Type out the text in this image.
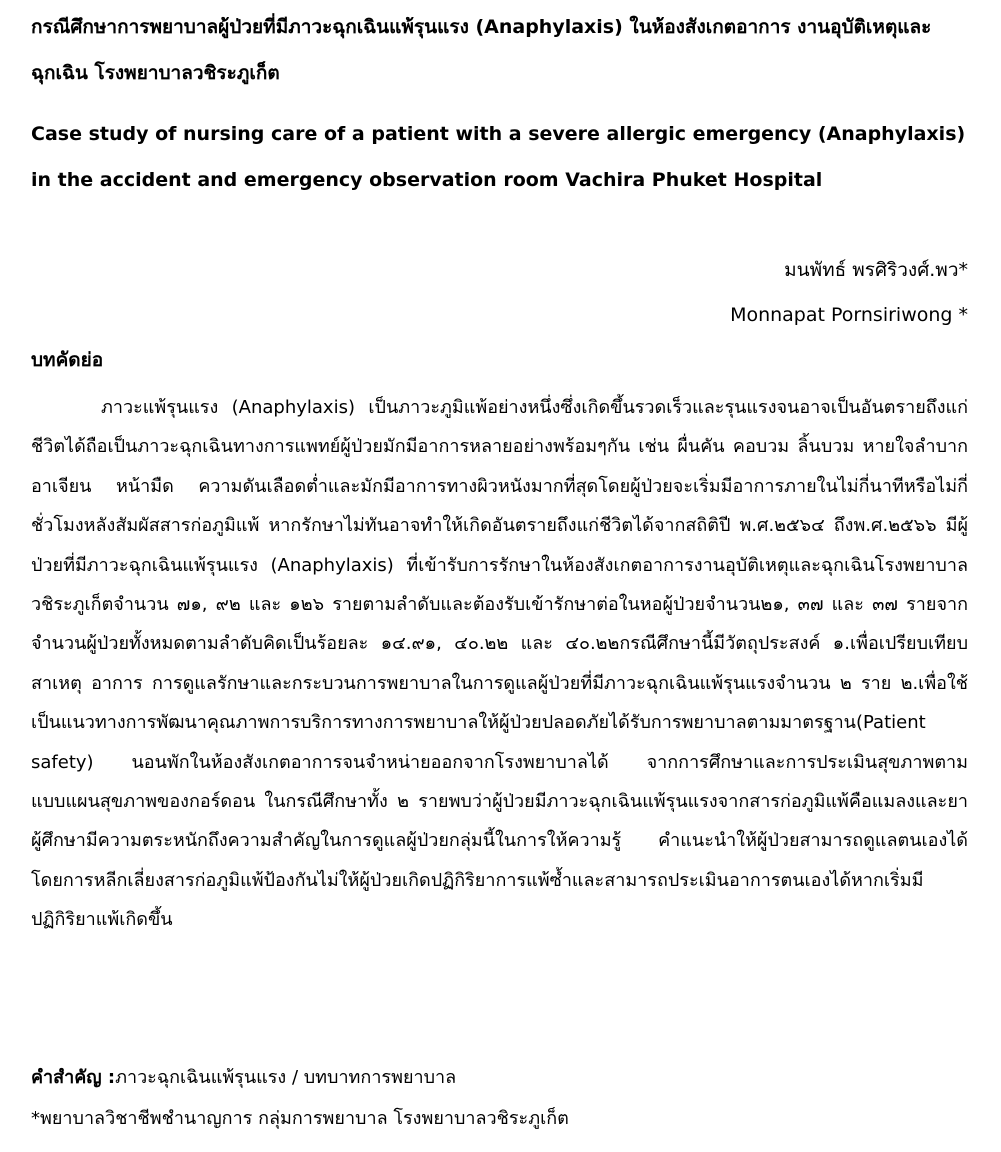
กรณีศึกษาการพยาบาลผู้ป่วยที่มีภาวะฉุกเฉินแพ้รุนแรง (Anaphylaxis) ในห้องสังเกตอาการ งานอุบัติเหตุและฉุกเฉิน โรงพยาบาลวชิระภูเก็ต
Case study of nursing care of a patient with a severe allergic emergency (Anaphylaxis) in the accident and emergency observation room Vachira Phuket Hospital
มนพัทธ์ พรศิริวงศ์.พว*
Monnapat Pornsiriwong *
บทคัดย่อ

ภาวะแพ้รุนแรง (Anaphylaxis) เป็นภาวะภูมิแพ้อย่างหนึ่งซึ่งเกิดขึ้นรวดเร็วและรุนแรงจนอาจเป็นอันตรายถึงแก่ชีวิตได้ถือเป็นภาวะฉุกเฉินทางการแพทย์ผู้ป่วยมักมีอาการหลายอย่างพร้อมๆกัน เช่น ผื่นคัน คอบวม ลิ้นบวม หายใจลำบาก อาเจียน หน้ามืด ความดันเลือดต่ำและมักมีอาการทางผิวหนังมากที่สุดโดยผู้ป่วยจะเริ่มมีอาการภายในไม่กี่นาทีหรือไม่กี่ชั่วโมงหลังสัมผัสสารก่อภูมิแพ้ หากรักษาไม่ทันอาจทำให้เกิดอันตรายถึงแก่ชีวิตได้จากสถิติปี พ.ศ.๒๕๖๔ ถึงพ.ศ.๒๕๖๖ มีผู้ป่วยที่มีภาวะฉุกเฉินแพ้รุนแรง (Anaphylaxis) ที่เข้ารับการรักษาในห้องสังเกตอาการงานอุบัติเหตุและฉุกเฉินโรงพยาบาลวชิระภูเก็ตจำนวน ๗๑, ๙๒ และ ๑๒๖ รายตามลำดับและต้องรับเข้ารักษาต่อในหอผู้ป่วยจำนวน๒๑, ๓๗ และ ๓๗ รายจากจำนวนผู้ป่วยทั้งหมดตามลำดับคิดเป็นร้อยละ ๑๔.๙๑, ๔๐.๒๒ และ ๔๐.๒๒กรณีศึกษานี้มีวัตถุประสงค์ ๑.เพื่อเปรียบเทียบ สาเหตุ อาการ การดูแลรักษาและกระบวนการพยาบาลในการดูแลผู้ป่วยที่มีภาวะฉุกเฉินแพ้รุนแรงจำนวน ๒ ราย ๒.เพื่อใช้เป็นแนวทางการพัฒนาคุณภาพการบริการทางการพยาบาลให้ผู้ป่วยปลอดภัยได้รับการพยาบาลตามมาตรฐาน(Patient safety) นอนพักในห้องสังเกตอาการจนจำหน่ายออกจากโรงพยาบาลได้ จากการศึกษาและการประเมินสุขภาพตามแบบแผนสุขภาพของกอร์ดอน ในกรณีศึกษาทั้ง ๒ รายพบว่าผู้ป่วยมีภาวะฉุกเฉินแพ้รุนแรงจากสารก่อภูมิแพ้คือแมลงและยา ผู้ศึกษามีความตระหนักถึงความสำคัญในการดูแลผู้ป่วยกลุ่มนี้ในการให้ความรู้ คำแนะนำให้ผู้ป่วยสามารถดูแลตนเองได้โดยการหลีกเลี่ยงสารก่อภูมิแพ้ป้องกันไม่ให้ผู้ป่วยเกิดปฏิกิริยาการแพ้ซ้ำและสามารถประเมินอาการตนเองได้หากเริ่มมีปฏิกิริยาแพ้เกิดขึ้น

คำสำคัญ :ภาวะฉุกเฉินแพ้รุนแรง / บทบาทการพยาบาล
*พยาบาลวิชาชีพชำนาญการ กลุ่มการพยาบาล โรงพยาบาลวชิระภูเก็ต
